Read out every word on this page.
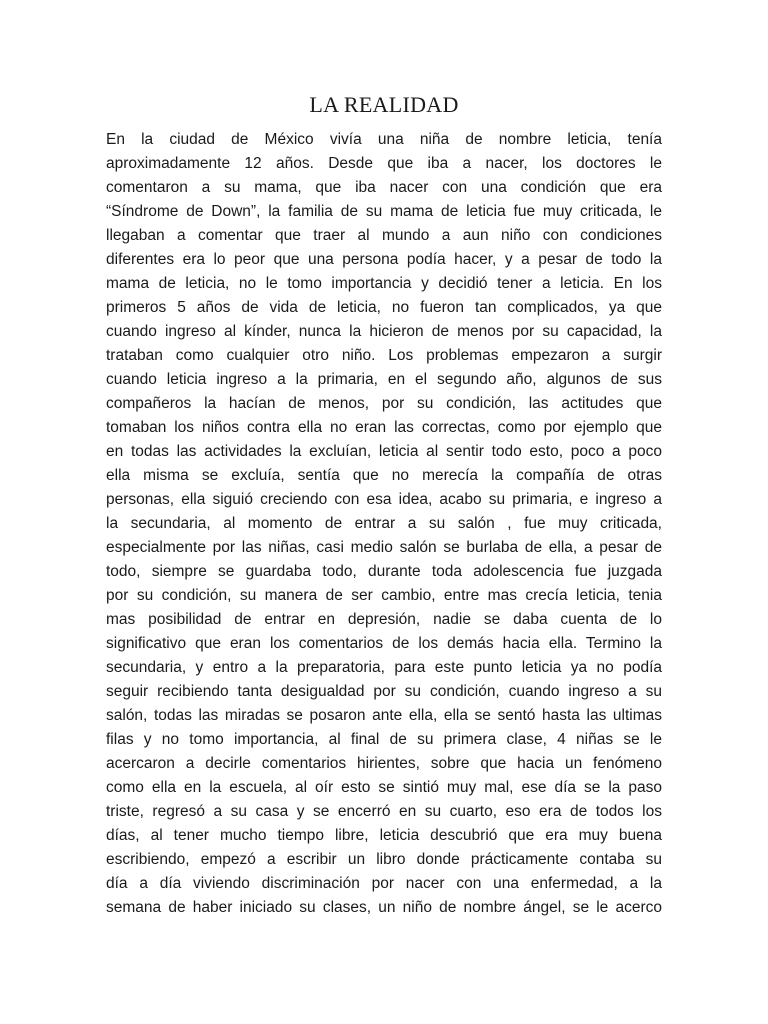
LA REALIDAD
En la ciudad de México vivía una niña de nombre leticia, tenía
aproximadamente 12 años. Desde que iba a nacer, los doctores le
comentaron a su mama, que iba nacer con una condición que era
“Síndrome de Down”, la familia de su mama de leticia fue muy criticada, le
llegaban a comentar que traer al mundo a aun niño con condiciones
diferentes era lo peor que una persona podía hacer, y a pesar de todo la
mama de leticia, no le tomo importancia y decidió tener a leticia. En los
primeros 5 años de vida de leticia, no fueron tan complicados, ya que
cuando ingreso al kínder, nunca la hicieron de menos por su capacidad, la
trataban como cualquier otro niño. Los problemas empezaron a surgir
cuando leticia ingreso a la primaria, en el segundo año, algunos de sus
compañeros la hacían de menos, por su condición, las actitudes que
tomaban los niños contra ella no eran las correctas, como por ejemplo que
en todas las actividades la excluían, leticia al sentir todo esto, poco a poco
ella misma se excluía, sentía que no merecía la compañía de otras
personas, ella siguió creciendo con esa idea, acabo su primaria, e ingreso a
la secundaria, al momento de entrar a su salón , fue muy criticada,
especialmente por las niñas, casi medio salón se burlaba de ella, a pesar de
todo, siempre se guardaba todo, durante toda adolescencia fue juzgada
por su condición, su manera de ser cambio, entre mas crecía leticia, tenia
mas posibilidad de entrar en depresión, nadie se daba cuenta de lo
significativo que eran los comentarios de los demás hacia ella. Termino la
secundaria, y entro a la preparatoria, para este punto leticia ya no podía
seguir recibiendo tanta desigualdad por su condición, cuando ingreso a su
salón, todas las miradas se posaron ante ella, ella se sentó hasta las ultimas
filas y no tomo importancia, al final de su primera clase, 4 niñas se le
acercaron a decirle comentarios hirientes, sobre que hacia un fenómeno
como ella en la escuela, al oír esto se sintió muy mal, ese día se la paso
triste, regresó a su casa y se encerró en su cuarto, eso era de todos los
días, al tener mucho tiempo libre, leticia descubrió que era muy buena
escribiendo, empezó a escribir un libro donde prácticamente contaba su
día a día viviendo discriminación por nacer con una enfermedad, a la
semana de haber iniciado su clases, un niño de nombre ángel, se le acerco
